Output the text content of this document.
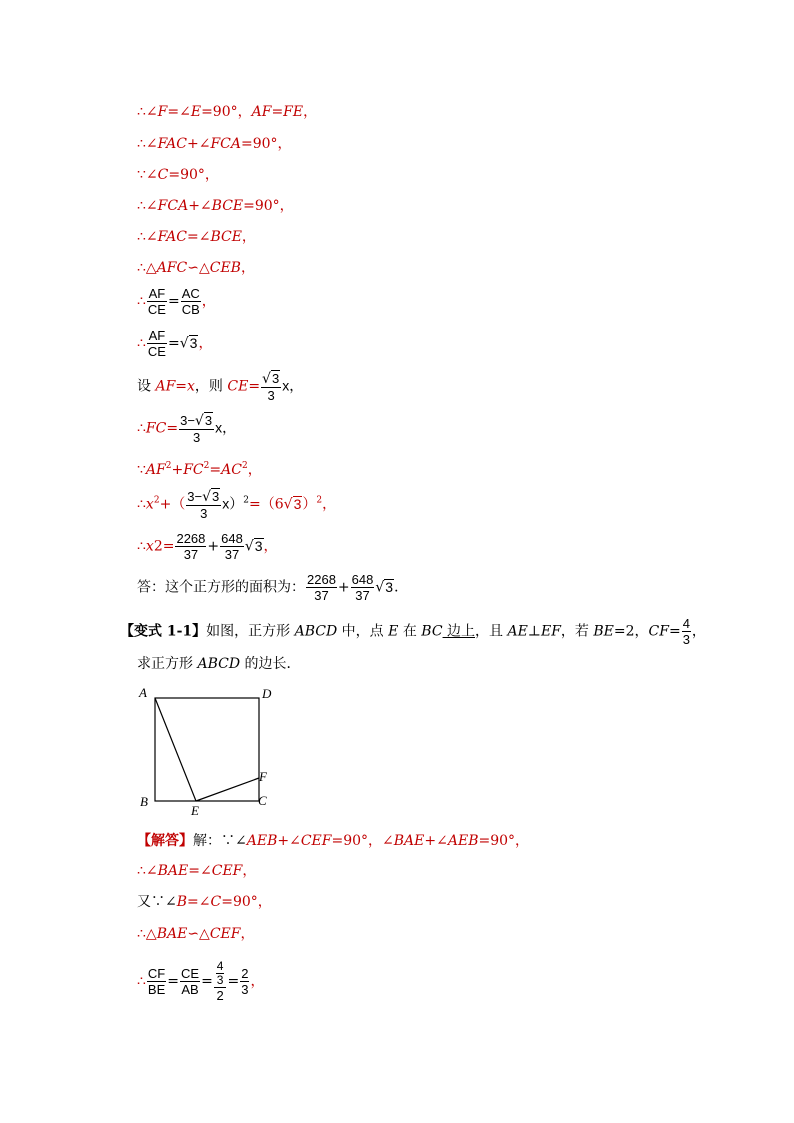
∴∠F=∠E=90°，AF=FE，
∴∠FAC+∠FCA=90°，
∵∠C=90°，
∴∠FCA+∠BCE=90°，
∴∠FAC=∠BCE，
∴△AFC∽△CEB，
∴ $\frac{AF}{CE} = \frac{AC}{CB}$ ，
∴ $\frac{AF}{CE} =√3$，
设 AF=x，则 $CE= \frac{√3}{3}$ x，
∴FC= $\frac{3-√3}{3}$ x，
$\because AF^2+FC^2=AC^2$，
$\therefore x^2+( \frac{3-√3}{3} x)^2=(6√3)^2$，
∴x2= $\frac{2268}{37} + \frac{648}{37} √3$，
答：这个正方形的面积为： $\frac{2268}{37} + \frac{648}{37} √3$．
【变式 1-1】如图，正方形 ABCD 中，点 E 在 BC 边上，且 AE⊥EF，若 BE=2，$CF= \frac{4}{3}$ ，
求正方形 ABCD 的边长．
A	D
B	C
E
F
【解答】解：∵∠AEB+∠CEF=90°，∠BAE+∠AEB=90°，
∴∠BAE=∠CEF，
又∵∠B=∠C=90°，
∴△BAE∽△CEF，
∴ $\frac{CF}{BE} = \frac{CE}{AB} = \frac{\frac{4}{3}}{2} = \frac{2}{3}$ ，
